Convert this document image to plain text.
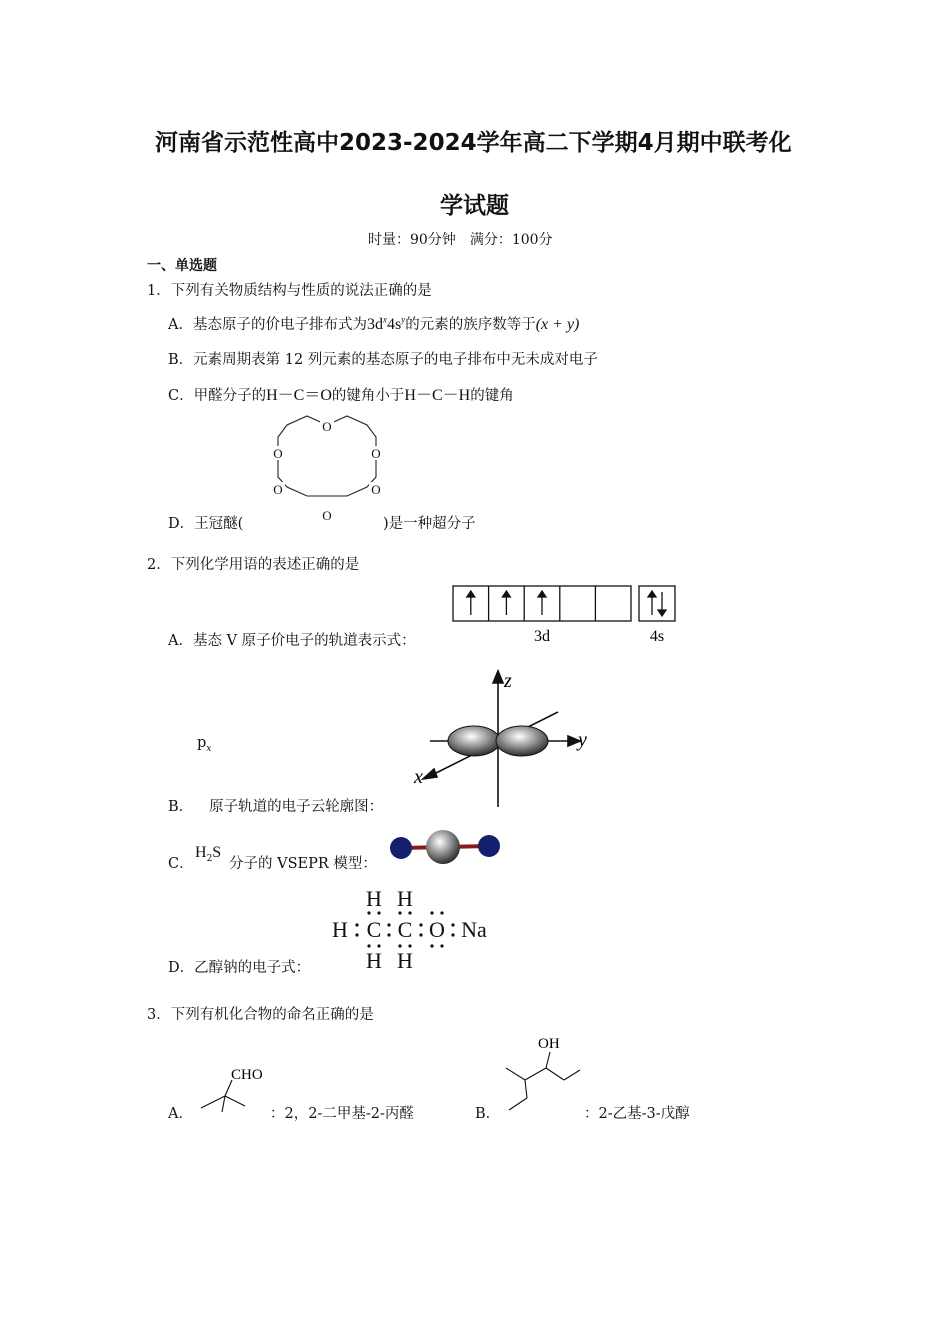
河南省示范性高中2023-2024学年高二下学期4月期中联考化
学试题
时量：90分钟　满分：100分
一、单选题
1．下列有关物质结构与性质的说法正确的是
A．基态原子的价电子排布式为$3d^x4s^y$的元素的族序数等于(x + y)
B．元素周期表第 12 列元素的基态原子的电子排布中无未成对电子
C．甲醛分子的H－C＝O的键角小于H－C－H的键角
O
O	O
O	O
O
D．王冠醚(	)是一种超分子
2．下列化学用语的表述正确的是
3d	4s
A．基态 V 原子价电子的轨道表示式：
z
y
x
$p_x$
B． 原子轨道的电子云轮廓图：
C．
$H_2S$
分子的 VSEPR 模型：
H H
H C C O Na
H H
D．乙醇钠的电子式：
3．下列有机化合物的命名正确的是
CHO
A．	：2，2-二甲基-2-丙醛
OH
B．	：2-乙基-3-戊醇
